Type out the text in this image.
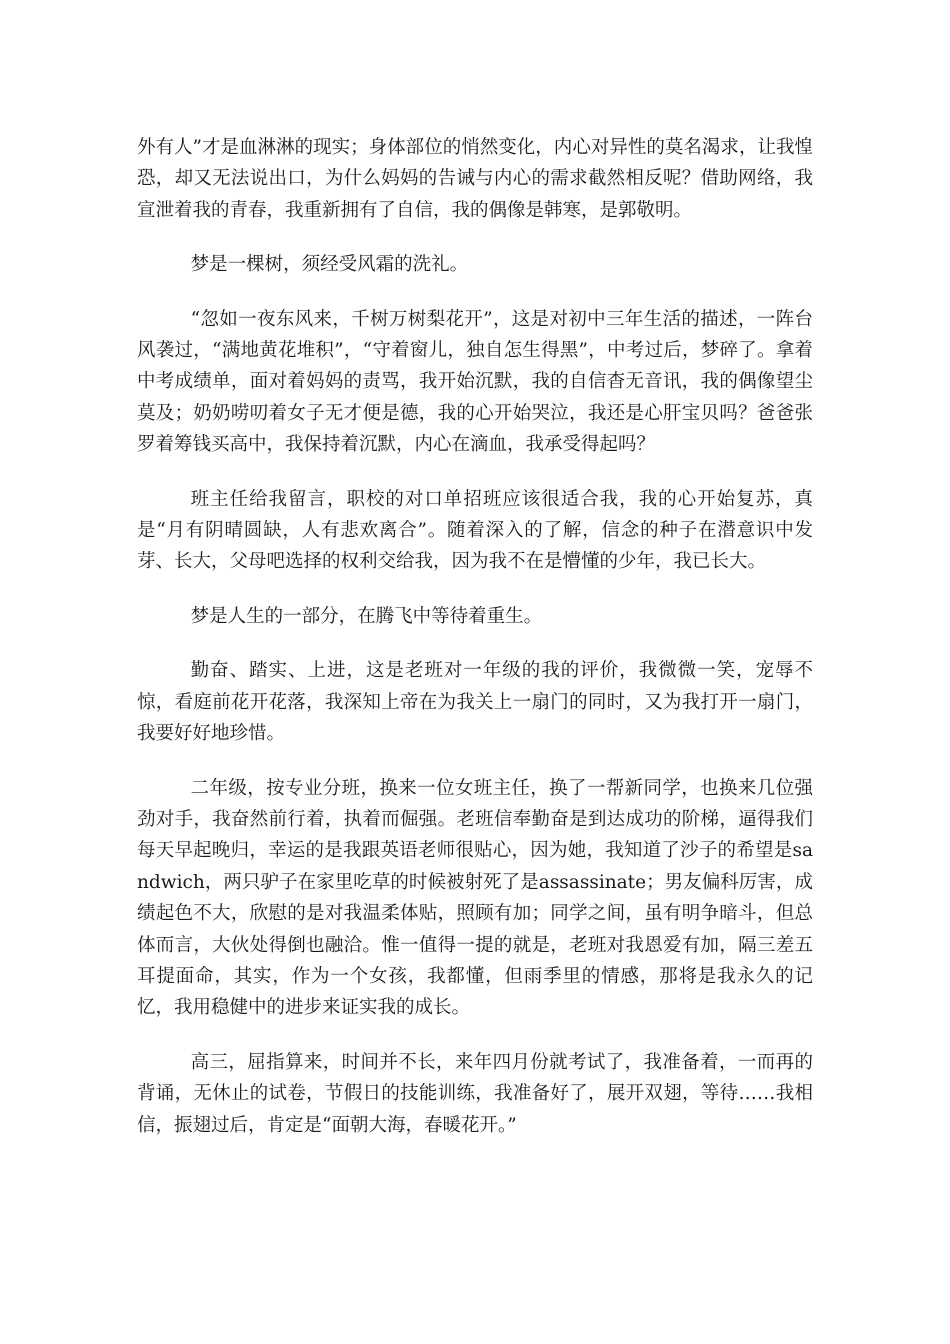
外有人”才是血淋淋的现实；身体部位的悄然变化，内心对异性的莫名渴求，让我惶恐，却又无法说出口，为什么妈妈的告诫与内心的需求截然相反呢？借助网络，我宣泄着我的青春，我重新拥有了自信，我的偶像是韩寒，是郭敬明。

梦是一棵树，须经受风霜的洗礼。

“忽如一夜东风来，千树万树梨花开”，这是对初中三年生活的描述，一阵台风袭过，“满地黄花堆积”，“守着窗儿，独自怎生得黑”，中考过后，梦碎了。拿着中考成绩单，面对着妈妈的责骂，我开始沉默，我的自信杳无音讯，我的偶像望尘莫及；奶奶唠叨着女子无才便是德，我的心开始哭泣，我还是心肝宝贝吗？爸爸张罗着筹钱买高中，我保持着沉默，内心在滴血，我承受得起吗？

班主任给我留言，职校的对口单招班应该很适合我，我的心开始复苏，真是“月有阴晴圆缺，人有悲欢离合”。随着深入的了解，信念的种子在潜意识中发芽、长大，父母吧选择的权利交给我，因为我不在是懵懂的少年，我已长大。

梦是人生的一部分，在腾飞中等待着重生。

勤奋、踏实、上进，这是老班对一年级的我的评价，我微微一笑，宠辱不惊，看庭前花开花落，我深知上帝在为我关上一扇门的同时，又为我打开一扇门，我要好好地珍惜。

二年级，按专业分班，换来一位女班主任，换了一帮新同学，也换来几位强劲对手，我奋然前行着，执着而倔强。老班信奉勤奋是到达成功的阶梯，逼得我们每天早起晚归，幸运的是我跟英语老师很贴心，因为她，我知道了沙子的希望是sandwich，两只驴子在家里吃草的时候被射死了是assassinate；男友偏科厉害，成绩起色不大，欣慰的是对我温柔体贴，照顾有加；同学之间，虽有明争暗斗，但总体而言，大伙处得倒也融洽。惟一值得一提的就是，老班对我恩爱有加，隔三差五耳提面命，其实，作为一个女孩，我都懂，但雨季里的情感，那将是我永久的记忆，我用稳健中的进步来证实我的成长。

高三，屈指算来，时间并不长，来年四月份就考试了，我准备着，一而再的背诵，无休止的试卷，节假日的技能训练，我准备好了，展开双翅，等待……我相信，振翅过后，肯定是“面朝大海，春暖花开。”
